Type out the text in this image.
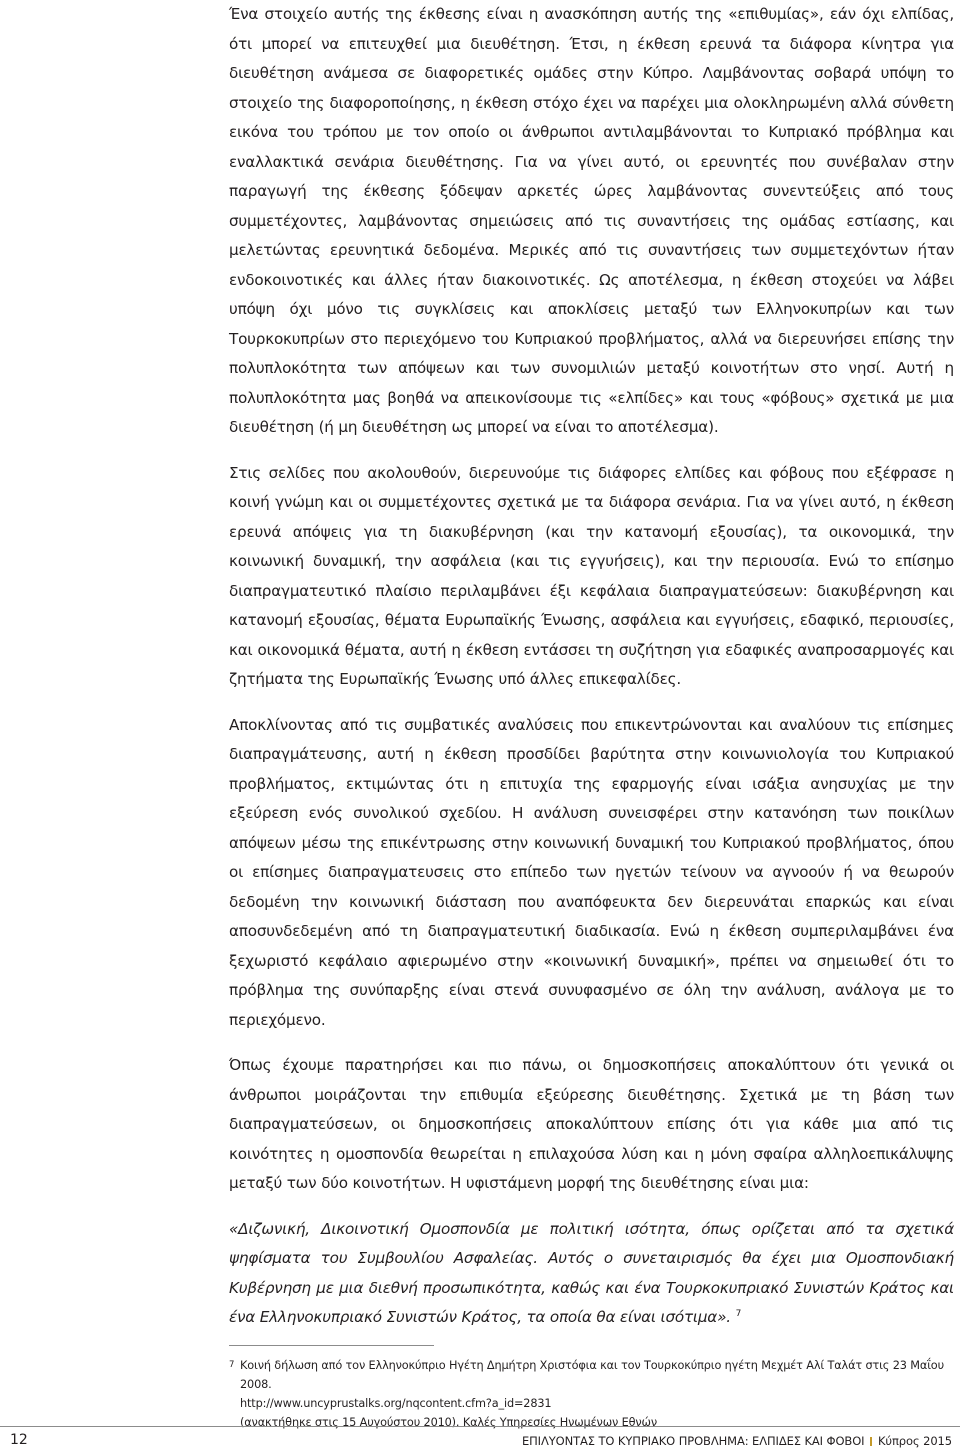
Ένα στοιχείο αυτής της έκθεσης είναι η ανασκόπηση αυτής της «επιθυμίας», εάν όχι ελπίδας, ότι μπορεί να επιτευχθεί μια διευθέτηση. Έτσι, η έκθεση ερευνά τα διάφορα κίνητρα για διευθέτηση ανάμεσα σε διαφορετικές ομάδες στην Κύπρο. Λαμβάνοντας σοβαρά υπόψη το στοιχείο της διαφοροποίησης, η έκθεση στόχο έχει να παρέχει μια ολοκληρωμένη αλλά σύνθετη εικόνα του τρόπου με τον οποίο οι άνθρωποι αντιλαμβάνονται το Κυπριακό πρόβλημα και εναλλακτικά σενάρια διευθέτησης. Για να γίνει αυτό, οι ερευνητές που συνέβαλαν στην παραγωγή της έκθεσης ξόδεψαν αρκετές ώρες λαμβάνοντας συνεντεύξεις από τους συμμετέχοντες, λαμβάνοντας σημειώσεις από τις συναντήσεις της ομάδας εστίασης, και μελετώντας ερευνητικά δεδομένα. Μερικές από τις συναντήσεις των συμμετεχόντων ήταν ενδοκοινοτικές και άλλες ήταν διακοινοτικές. Ως αποτέλεσμα, η έκθεση στοχεύει να λάβει υπόψη όχι μόνο τις συγκλίσεις και αποκλίσεις μεταξύ των Ελληνοκυπρίων και των Τουρκοκυπρίων στο περιεχόμενο του Κυπριακού προβλήματος, αλλά να διερευνήσει επίσης την πολυπλοκότητα των απόψεων και των συνομιλιών μεταξύ κοινοτήτων στο νησί. Αυτή η πολυπλοκότητα μας βοηθά να απεικονίσουμε τις «ελπίδες» και τους «φόβους» σχετικά με μια διευθέτηση (ή μη διευθέτηση ως μπορεί να είναι το αποτέλεσμα).

Στις σελίδες που ακολουθούν, διερευνούμε τις διάφορες ελπίδες και φόβους που εξέφρασε η κοινή γνώμη και οι συμμετέχοντες σχετικά με τα διάφορα σενάρια. Για να γίνει αυτό, η έκθεση ερευνά απόψεις για τη διακυβέρνηση (και την κατανομή εξουσίας), τα οικονομικά, την κοινωνική δυναμική, την ασφάλεια (και τις εγγυήσεις), και την περιουσία. Ενώ το επίσημο διαπραγματευτικό πλαίσιο περιλαμβάνει έξι κεφάλαια διαπραγματεύσεων: διακυβέρνηση και κατανομή εξουσίας, θέματα Ευρωπαϊκής Ένωσης, ασφάλεια και εγγυήσεις, εδαφικό, περιουσίες, και οικονομικά θέματα, αυτή η έκθεση εντάσσει τη συζήτηση για εδαφικές αναπροσαρμογές και ζητήματα της Ευρωπαϊκής Ένωσης υπό άλλες επικεφαλίδες.

Αποκλίνοντας από τις συμβατικές αναλύσεις που επικεντρώνονται και αναλύουν τις επίσημες διαπραγμάτευσης, αυτή η έκθεση προσδίδει βαρύτητα στην κοινωνιολογία του Κυπριακού προβλήματος, εκτιμώντας ότι η επιτυχία της εφαρμογής είναι ισάξια ανησυχίας με την εξεύρεση ενός συνολικού σχεδίου. Η ανάλυση συνεισφέρει στην κατανόηση των ποικίλων απόψεων μέσω της επικέντρωσης στην κοινωνική δυναμική του Κυπριακού προβλήματος, όπου οι επίσημες διαπραγματευσεις στο επίπεδο των ηγετών τείνουν να αγνοούν ή να θεωρούν δεδομένη την κοινωνική διάσταση που αναπόφευκτα δεν διερευνάται επαρκώς και είναι αποσυνδεδεμένη από τη διαπραγματευτική διαδικασία. Ενώ η έκθεση συμπεριλαμβάνει ένα ξεχωριστό κεφάλαιο αφιερωμένο στην «κοινωνική δυναμική», πρέπει να σημειωθεί ότι το πρόβλημα της συνύπαρξης είναι στενά συνυφασμένο σε όλη την ανάλυση, ανάλογα με το περιεχόμενο.

Όπως έχουμε παρατηρήσει και πιο πάνω, οι δημοσκοπήσεις αποκαλύπτουν ότι γενικά οι άνθρωποι μοιράζονται την επιθυμία εξεύρεσης διευθέτησης. Σχετικά με τη βάση των διαπραγματεύσεων, οι δημοσκοπήσεις αποκαλύπτουν επίσης ότι για κάθε μια από τις κοινότητες η ομοσπονδία θεωρείται η επιλαχούσα λύση και η μόνη σφαίρα αλληλοεπικάλυψης μεταξύ των δύο κοινοτήτων. Η υφιστάμενη μορφή της διευθέτησης είναι μια:

«Διζωνική, Δικοινοτική Ομοσπονδία με πολιτική ισότητα, όπως ορίζεται από τα σχετικά ψηφίσματα του Συμβουλίου Ασφαλείας. Αυτός ο συνεταιρισμός θα έχει μια Ομοσπονδιακή Κυβέρνηση με μια διεθνή προσωπικότητα, καθώς και ένα Τουρκοκυπριακό Συνιστών Κράτος και ένα Ελληνοκυπριακό Συνιστών Κράτος, τα οποία θα είναι ισότιμα». $^7$

7 Κοινή δήλωση από τον Ελληνοκύπριο Ηγέτη Δημήτρη Χριστόφια και τον Τουρκοκύπριο ηγέτη Μεχμέτ Αλί Ταλάτ στις 23 Μαΐου 2008.
http://www.uncyprustalks.org/nqcontent.cfm?a_id=2831
(ανακτήθηκε στις 15 Αυγούστου 2010). Καλές Υπηρεσίες Ηνωμένων Εθνών
12	ΕΠΙΛΥΟΝΤΑΣ ΤΟ ΚΥΠΡΙΑΚΟ ΠΡΟΒΛΗΜΑ: ΕΛΠΙΔΕΣ ΚΑΙ ΦΟΒΟΙ Κύπρος 2015
